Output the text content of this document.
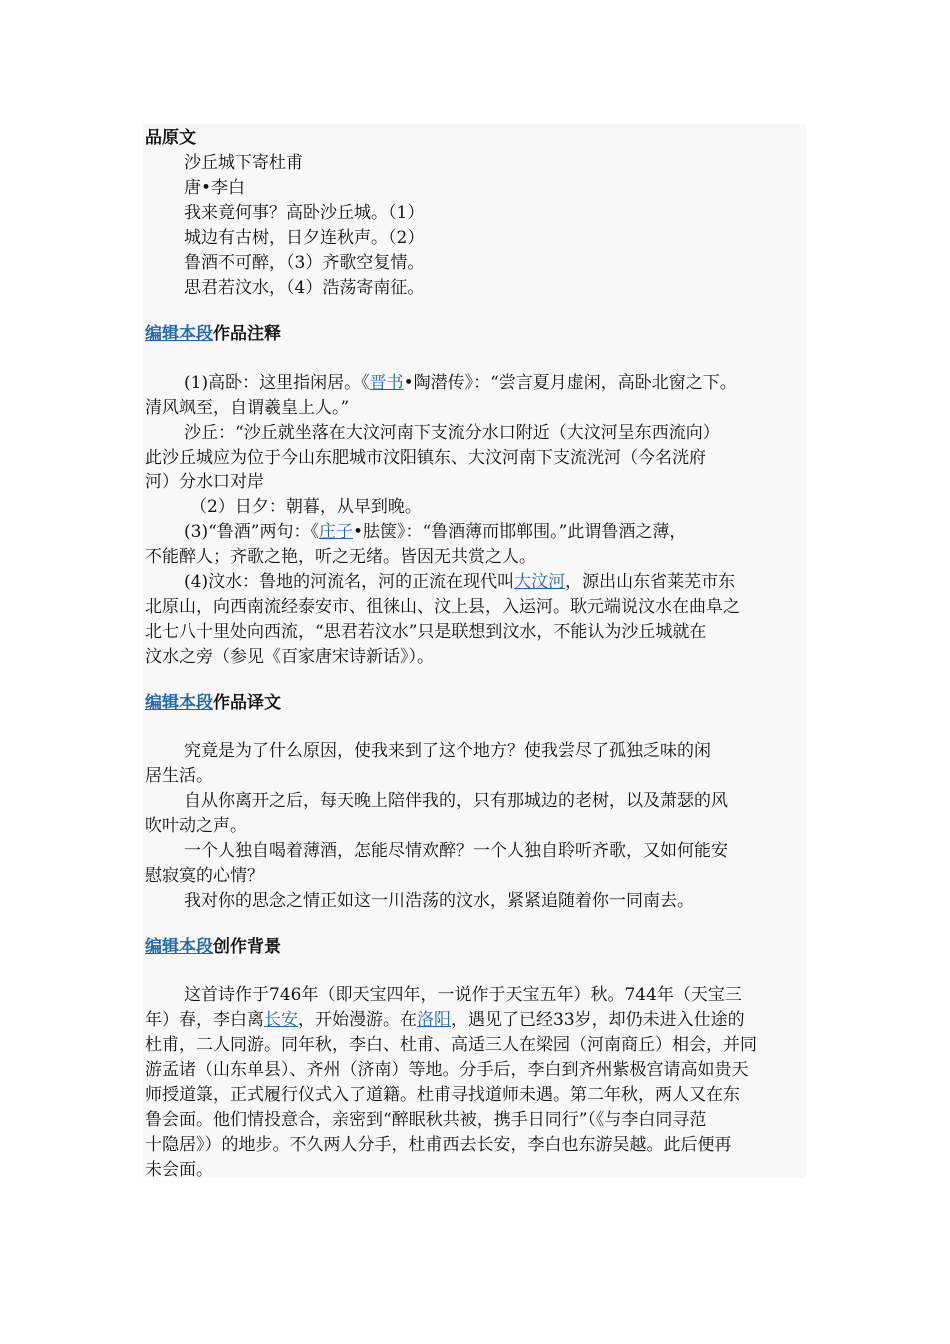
品原文
沙丘城下寄杜甫
唐•李白
我来竟何事？高卧沙丘城。（1）
城边有古树，日夕连秋声。（2）
鲁酒不可醉，（3）齐歌空复情。
思君若汶水，（4）浩荡寄南征。
编辑本段作品注释
(1)高卧：这里指闲居。《晋书•陶潜传》：“尝言夏月虚闲，高卧北窗之下。
清风飒至，自谓羲皇上人。”
沙丘：“沙丘就坐落在大汶河南下支流分水口附近（大汶河呈东西流向）
此沙丘城应为位于今山东肥城市汶阳镇东、大汶河南下支流洸河（今名洸府
河）分水口对岸
（2）日夕：朝暮，从早到晚。
(3)“鲁酒”两句：《庄子•胠箧》：“鲁酒薄而邯郸围。”此谓鲁酒之薄，
不能醉人；齐歌之艳，听之无绪。皆因无共赏之人。
(4)汶水：鲁地的河流名，河的正流在现代叫大汶河，源出山东省莱芜市东
北原山，向西南流经泰安市、徂徕山、汶上县，入运河。耿元端说汶水在曲阜之
北七八十里处向西流，“思君若汶水”只是联想到汶水，不能认为沙丘城就在
汶水之旁（参见《百家唐宋诗新话》）。
编辑本段作品译文
究竟是为了什么原因，使我来到了这个地方？使我尝尽了孤独乏味的闲
居生活。
自从你离开之后，每天晚上陪伴我的，只有那城边的老树，以及萧瑟的风
吹叶动之声。
一个人独自喝着薄酒，怎能尽情欢醉？一个人独自聆听齐歌，又如何能安
慰寂寞的心情？
我对你的思念之情正如这一川浩荡的汶水，紧紧追随着你一同南去。
编辑本段创作背景
这首诗作于746年（即天宝四年，一说作于天宝五年）秋。744年（天宝三
年）春，李白离长安，开始漫游。在洛阳，遇见了已经33岁，却仍未进入仕途的
杜甫，二人同游。同年秋，李白、杜甫、高适三人在梁园（河南商丘）相会，并同
游孟诸（山东单县）、齐州（济南）等地。分手后，李白到齐州紫极宫请高如贵天
师授道箓，正式履行仪式入了道籍。杜甫寻找道师未遇。第二年秋，两人又在东
鲁会面。他们情投意合，亲密到“醉眠秋共被，携手日同行”（《与李白同寻范
十隐居》）的地步。不久两人分手，杜甫西去长安，李白也东游吴越。此后便再
未会面。
